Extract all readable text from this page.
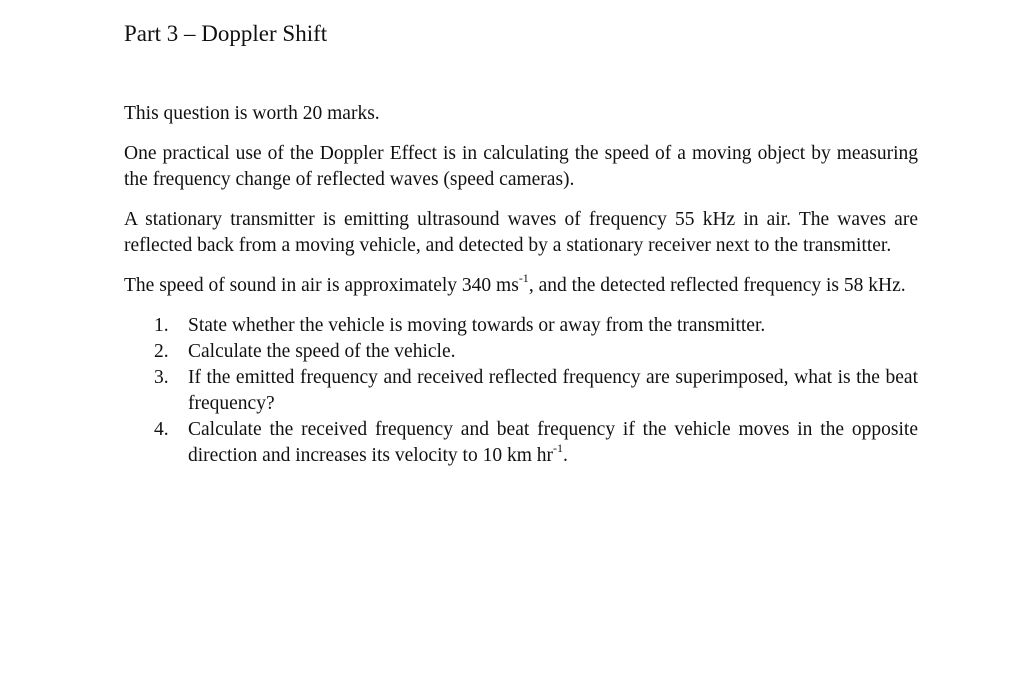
Part 3 – Doppler Shift

This question is worth 20 marks.

One practical use of the Doppler Effect is in calculating the speed of a moving object by measuring the frequency change of reflected waves (speed cameras).

A stationary transmitter is emitting ultrasound waves of frequency 55 kHz in air. The waves are reflected back from a moving vehicle, and detected by a stationary receiver next to the transmitter.

The speed of sound in air is approximately 340 $ms^{-1}$, and the detected reflected frequency is 58 kHz.

1. State whether the vehicle is moving towards or away from the transmitter.
2. Calculate the speed of the vehicle.
3. If the emitted frequency and received reflected frequency are superimposed, what is the beat frequency?
4. Calculate the received frequency and beat frequency if the vehicle moves in the opposite direction and increases its velocity to 10 km $hr^{-1}$.
